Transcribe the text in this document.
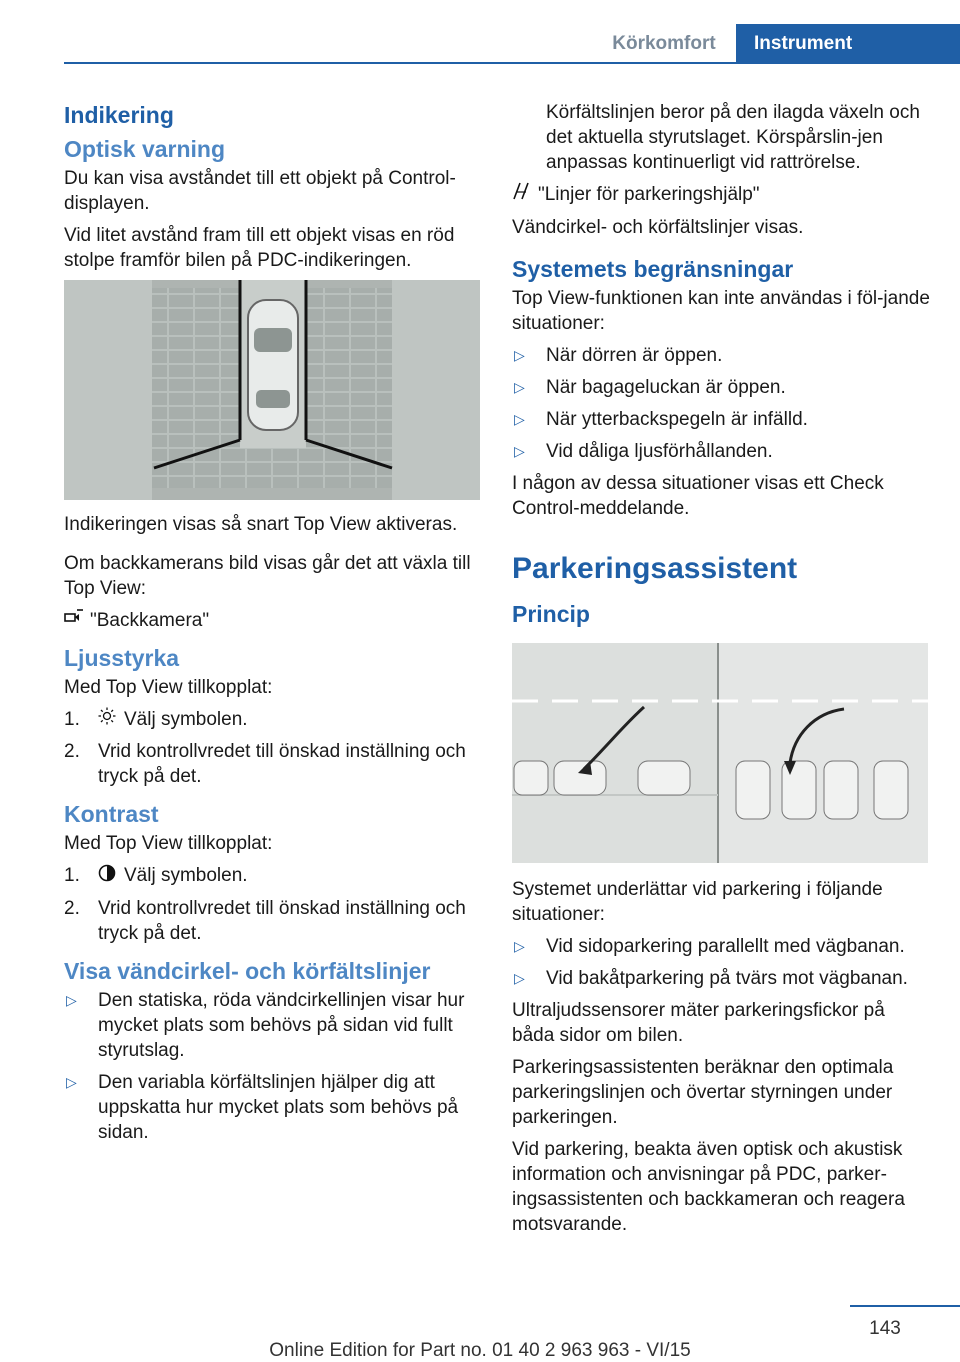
Körkomfort	Instrument
Indikering
Optisk varning

Du kan visa avståndet till ett objekt på Control-displayen.

Vid litet avstånd fram till ett objekt visas en röd stolpe framför bilen på PDC-indikeringen.

Indikeringen visas så snart Top View aktiveras.

Om backkamerans bild visas går det att växla till Top View:

"Backkamera"
Ljusstyrka

Med Top View tillkopplat:

1.	Välj symbolen.
2. Vrid kontrollvredet till önskad inställning och tryck på det.
Kontrast

Med Top View tillkopplat:

1.	Välj symbolen.
2. Vrid kontrollvredet till önskad inställning och tryck på det.
Visa vändcirkel- och körfältslinjer
▷	Den statiska, röda vändcirkellinjen visar hur mycket plats som behövs på sidan vid fullt styrutslag.
▷	Den variabla körfältslinjen hjälper dig att uppskatta hur mycket plats som behövs på sidan.

Körfältslinjen beror på den ilagda växeln och det aktuella styrutslaget. Körspårslin-jen anpassas kontinuerligt vid rattrörelse.

"Linjer för parkeringshjälp"

Vändcirkel- och körfältslinjer visas.

Systemets begränsningar

Top View-funktionen kan inte användas i föl-jande situationer:

▷	När dörren är öppen.
▷	När bagageluckan är öppen.
▷	När ytterbackspegeln är infälld.
▷	Vid dåliga ljusförhållanden.

I någon av dessa situationer visas ett Check Control-meddelande.

Parkeringsassistent
Princip

Systemet underlättar vid parkering i följande situationer:

▷	Vid sidoparkering parallellt med vägbanan.
▷	Vid bakåtparkering på tvärs mot vägbanan.

Ultraljudssensorer mäter parkeringsfickor på båda sidor om bilen.

Parkeringsassistenten beräknar den optimala parkeringslinjen och övertar styrningen under parkeringen.

Vid parkering, beakta även optisk och akustisk information och anvisningar på PDC, parker-ingsassistenten och backkameran och reagera motsvarande.

143
Online Edition for Part no. 01 40 2 963 963 - VI/15
